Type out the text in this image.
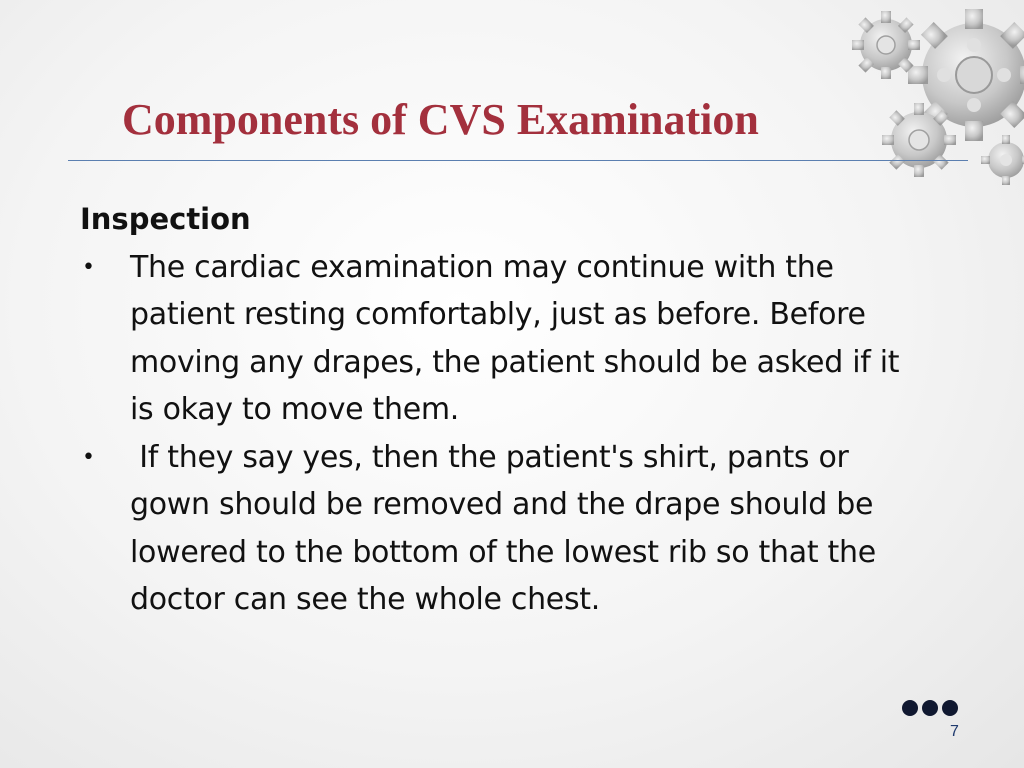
Components of CVS Examination
Inspection
• The cardiac examination may continue with the patient resting comfortably, just as before. Before moving any drapes, the patient should be asked if it is okay to move them.
• If they say yes, then the patient's shirt, pants or gown should be removed and the drape should be lowered to the bottom of the lowest rib so that the doctor can see the whole chest.
7
